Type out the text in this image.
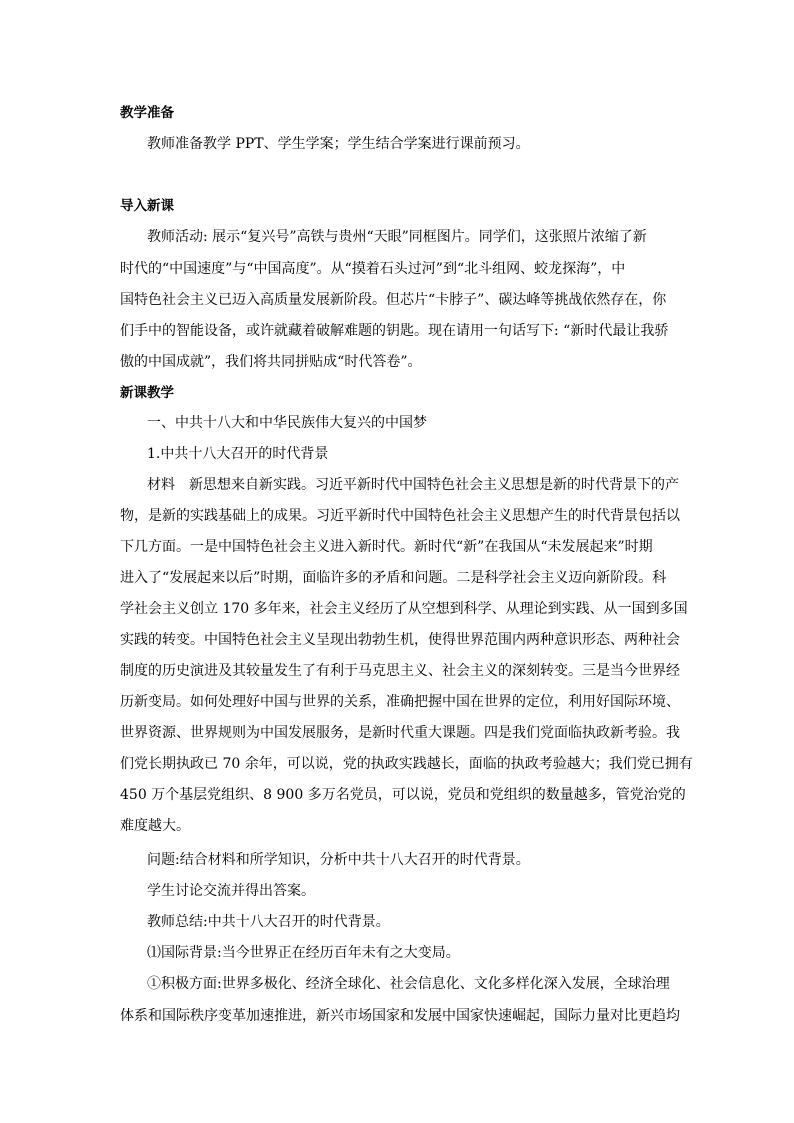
教学准备
教师准备教学 PPT、学生学案；学生结合学案进行课前预习。
导入新课
教师活动: 展示“复兴号”高铁与贵州“天眼”同框图片。同学们，这张照片浓缩了新
时代的“中国速度”与“中国高度”。从“摸着石头过河”到“北斗组网、蛟龙探海”，中
国特色社会主义已迈入高质量发展新阶段。但芯片“卡脖子”、碳达峰等挑战依然存在，你
们手中的智能设备，或许就藏着破解难题的钥匙。现在请用一句话写下: “新时代最让我骄
傲的中国成就”，我们将共同拼贴成“时代答卷”。
新课教学
一、中共十八大和中华民族伟大复兴的中国梦
1.中共十八大召开的时代背景
材料　新思想来自新实践。习近平新时代中国特色社会主义思想是新的时代背景下的产
物，是新的实践基础上的成果。习近平新时代中国特色社会主义思想产生的时代背景包括以
下几方面。一是中国特色社会主义进入新时代。新时代“新”在我国从“未发展起来”时期
进入了“发展起来以后”时期，面临许多的矛盾和问题。二是科学社会主义迈向新阶段。科
学社会主义创立 170 多年来，社会主义经历了从空想到科学、从理论到实践、从一国到多国
实践的转变。中国特色社会主义呈现出勃勃生机，使得世界范围内两种意识形态、两种社会
制度的历史演进及其较量发生了有利于马克思主义、社会主义的深刻转变。三是当今世界经
历新变局。如何处理好中国与世界的关系，准确把握中国在世界的定位，利用好国际环境、
世界资源、世界规则为中国发展服务，是新时代重大课题。四是我们党面临执政新考验。我
们党长期执政已 70 余年，可以说，党的执政实践越长，面临的执政考验越大；我们党已拥有
450 万个基层党组织、8 900 多万名党员，可以说，党员和党组织的数量越多，管党治党的
难度越大。
问题:结合材料和所学知识，分析中共十八大召开的时代背景。
学生讨论交流并得出答案。
教师总结:中共十八大召开的时代背景。
⑴国际背景:当今世界正在经历百年未有之大变局。
①积极方面:世界多极化、经济全球化、社会信息化、文化多样化深入发展，全球治理
体系和国际秩序变革加速推进，新兴市场国家和发展中国家快速崛起，国际力量对比更趋均
